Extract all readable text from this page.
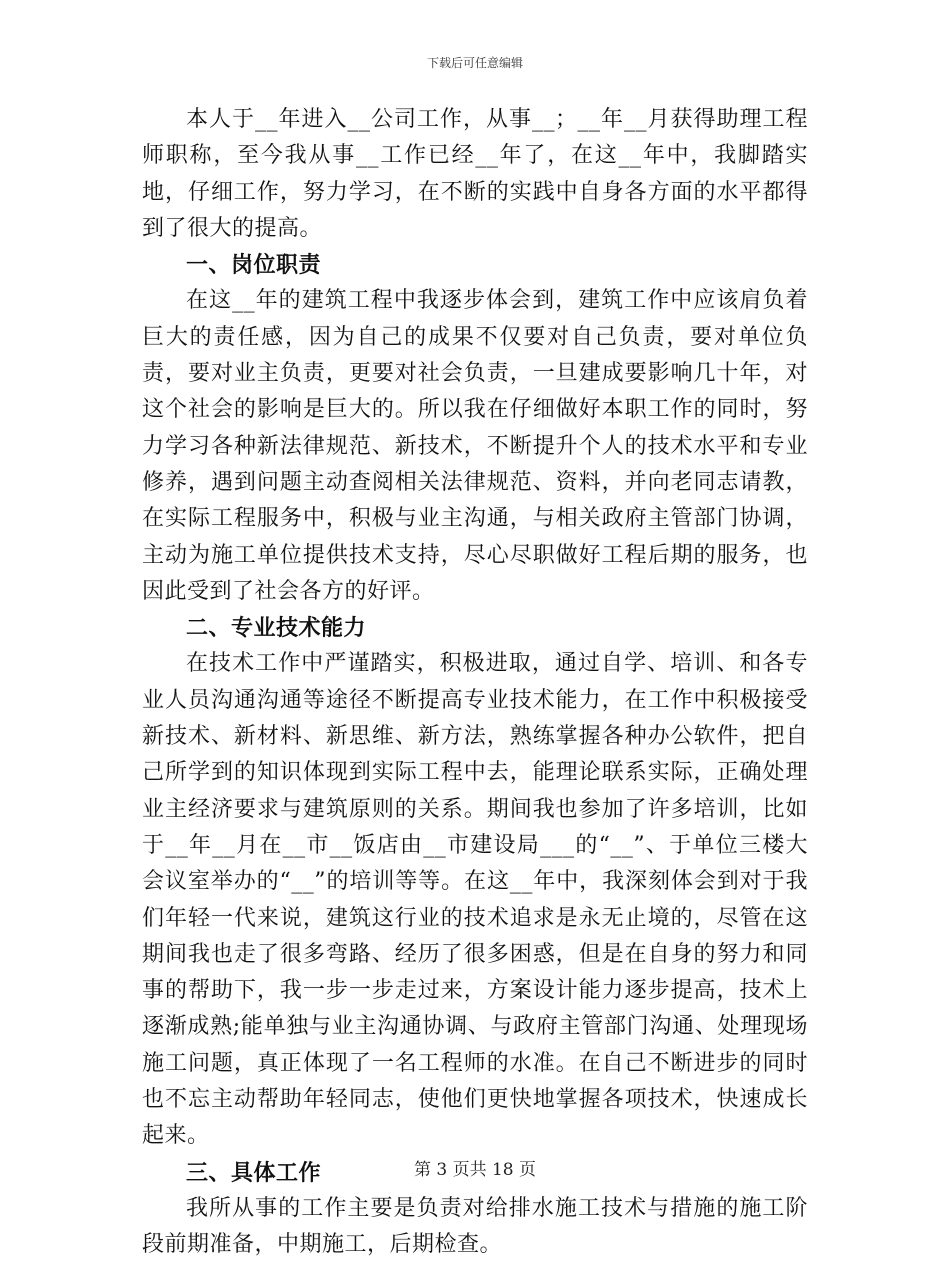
下载后可任意编辑

本人于__年进入__公司工作，从事__；__年__月获得助理工程师职称，至今我从事__工作已经__年了，在这__年中，我脚踏实地，仔细工作，努力学习，在不断的实践中自身各方面的水平都得到了很大的提高。

一、岗位职责

在这__年的建筑工程中我逐步体会到，建筑工作中应该肩负着巨大的责任感，因为自己的成果不仅要对自己负责，要对单位负责，要对业主负责，更要对社会负责，一旦建成要影响几十年，对这个社会的影响是巨大的。所以我在仔细做好本职工作的同时，努力学习各种新法律规范、新技术，不断提升个人的技术水平和专业修养，遇到问题主动查阅相关法律规范、资料，并向老同志请教，在实际工程服务中，积极与业主沟通，与相关政府主管部门协调，主动为施工单位提供技术支持，尽心尽职做好工程后期的服务，也因此受到了社会各方的好评。

二、专业技术能力

在技术工作中严谨踏实，积极进取，通过自学、培训、和各专业人员沟通沟通等途径不断提高专业技术能力，在工作中积极接受新技术、新材料、新思维、新方法，熟练掌握各种办公软件，把自己所学到的知识体现到实际工程中去，能理论联系实际，正确处理业主经济要求与建筑原则的关系。期间我也参加了许多培训，比如于__年__月在__市__饭店由__市建设局___的“__”、于单位三楼大会议室举办的“__”的培训等等。在这__年中，我深刻体会到对于我们年轻一代来说，建筑这行业的技术追求是永无止境的，尽管在这期间我也走了很多弯路、经历了很多困惑，但是在自身的努力和同事的帮助下，我一步一步走过来，方案设计能力逐步提高，技术上逐渐成熟;能单独与业主沟通协调、与政府主管部门沟通、处理现场施工问题，真正体现了一名工程师的水准。在自己不断进步的同时也不忘主动帮助年轻同志，使他们更快地掌握各项技术，快速成长起来。

三、具体工作

我所从事的工作主要是负责对给排水施工技术与措施的施工阶段前期准备，中期施工，后期检查。

第 3 页共 18 页
